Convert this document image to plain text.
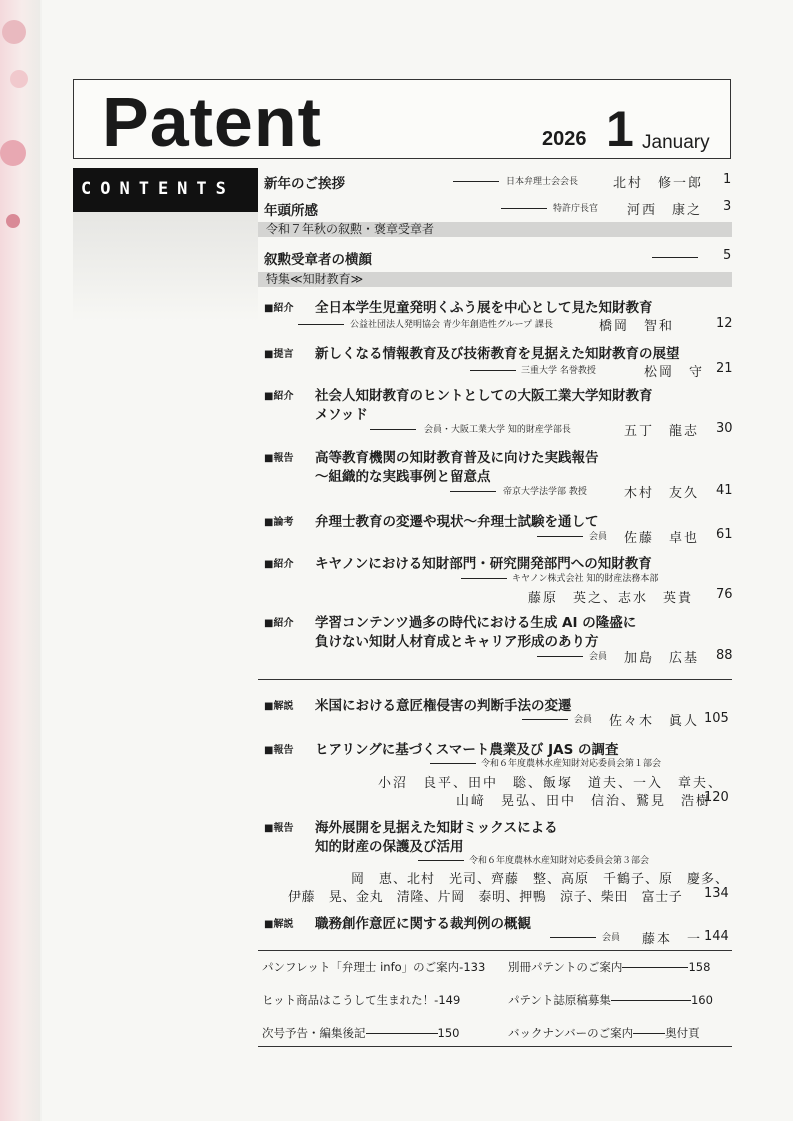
Patent	2026 1 January
CONTENTS 新年のご挨拶	日本弁理士会会長	北村　修一郎 1
年頭所感	特許庁長官 河西　康之 3
令和７年秋の叙勲・褒章受章者
叙勲受章者の横顔	5
特集≪知財教育≫
■紹介 全日本学生児童発明くふう展を中心として見た知財教育
公益社団法人発明協会 青少年創造性グループ 課長	橋岡　智和	12
■提言 新しくなる情報教育及び技術教育を見据えた知財教育の展望
三重大学 名誉教授	松岡　守 21
■紹介 社会人知財教育のヒントとしての大阪工業大学知財教育
メソッド
会員・大阪工業大学 知的財産学部長	五丁　龍志 30
■報告 高等教育機関の知財教育普及に向けた実践報告
～組織的な実践事例と留意点
帝京大学法学部 教授	木村　友久 41
■論考 弁理士教育の変遷や現状～弁理士試験を通して
会員 佐藤　卓也 61
■紹介 キヤノンにおける知財部門・研究開発部門への知財教育
キヤノン株式会社 知的財産法務本部
藤原　英之、志水　英貴 76
■紹介 学習コンテンツ過多の時代における生成 AI の隆盛に
負けない知財人材育成とキャリア形成のあり方
会員 加島　広基 88
■解説 米国における意匠権侵害の判断手法の変遷
会員 佐々木　眞人 105
■報告 ヒアリングに基づくスマート農業及び JAS の調査
令和６年度農林水産知財対応委員会第１部会
小沼　良平、田中　聡、飯塚　道夫、一入　章夫、
山﨑　晃弘、田中　信治、鷲見　浩樹
120
■報告 海外展開を見据えた知財ミックスによる
知的財産の保護及び活用
令和６年度農林水産知財対応委員会第３部会
岡　恵、北村　光司、齊藤　整、高原　千鶴子、原　慶多、
伊藤　晃、金丸　清隆、片岡　泰明、押鴨　涼子、柴田　富士子 134
■解説 職務創作意匠に関する裁判例の概観
会員 藤本　一 144
パンフレット「弁理士 info」のご案内-133 別冊パテントのご案内	158
ヒット商品はこうして生まれた！-149	パテント誌原稿募集	160
次号予告・編集後記	150	バックナンバーのご案内	奥付頁
